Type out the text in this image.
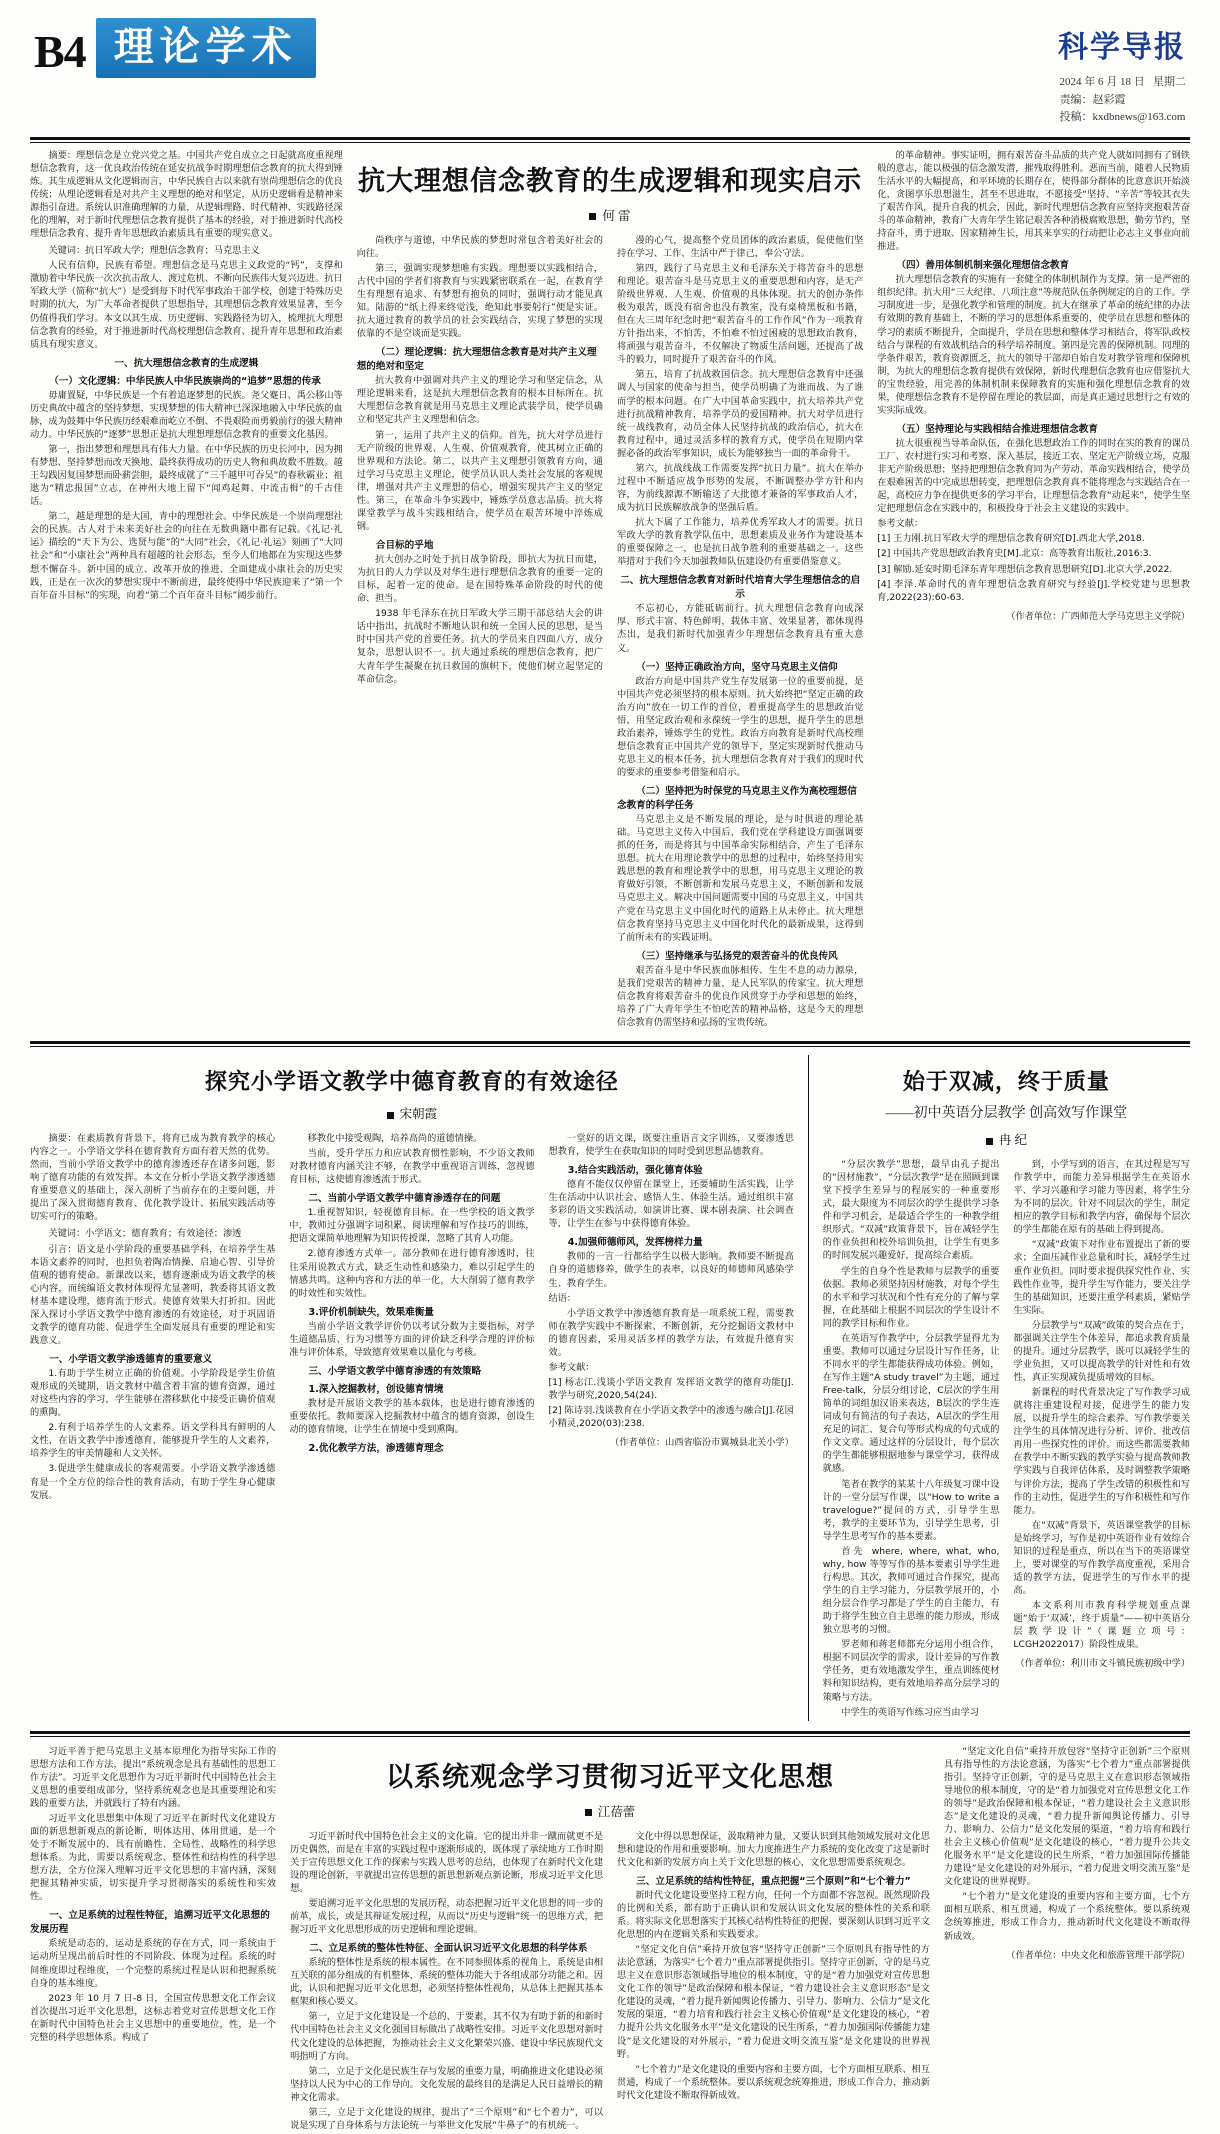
B4 理论学术	科学导报
2024 年 6 月 18 日 星期二
责编：赵彩霞
投稿：kxdbnews@163.com

摘要：理想信念是立党兴党之基。中国共产党自成立之日起就高度重视理想信念教育，这一优良政治传统在延安抗战争时期理想信念教育的抗大得到锤炼。其生成逻辑从文化逻辑而言，中华民族自古以来就有崇尚理想信念的优良传统；从理论逻辑看是对共产主义理想的绝对和坚定，从历史逻辑看是精神来源指引奋进。系统认识准确理解的力量，从逻辑理路、时代精神、实践路径深化的理解，对于新时代理想信念教育提供了基本的经验，对于推进新时代高校理想信念教育、提升青年思想政治素质具有重要的现实意义。

关键词：抗日军政大学；理想信念教育；马克思主义

人民有信仰，民族有希望。理想信念是马克思主义政党的“钙”，支撑和激励着中华民族一次次抗击敌人、渡过危机、不断向民族伟大复兴迈进。抗日军政大学（简称“抗大”）是受到每下时代军事政治干部学校，创建于特殊历史时期的抗大，为广大革命者提供了思想指导，其理想信念教育效果显著，至今仍值得我们学习。本文以其生成、历史逻辑、实践路径为切入，梳理抗大理想信念教育的经验，对于推进新时代高校理想信念教育、提升青年思想和政治素质具有现实意义。

一、抗大理想信念教育的生成逻辑
（一）文化逻辑：中华民族人中华民族崇尚的“追梦”思想的传承

毋庸置疑，中华民族是一个有着追逐梦想的民族。尧父蹇日、禹公移山等历史典故中蕴含的坚持梦想、实现梦想的伟大精神已深深地融入中华民族的血脉，成为鼓舞中华民族历经艰难而屹立不倒、不畏艰险而勇毅前行的强大精神动力。中华民族的“逐梦”思想正是抗大理想理想信念教育的重要文化基因。

第一，指出梦想和理想具有伟大力量。在中华民族的历史长河中，因为拥有梦想、坚持梦想而改天换地、最终获得成功的历史人物和典故数不胜数。越王勾践因复国梦想而卧薪尝胆，最终成就了“三千越甲可吞吴”的春秋霸业；祖逖为“精忠报国”立志，在神州大地上留下“闻鸡起舞、中流击楫”的千古佳话。

第二，越是理想的是大国，青中的理想社会。中华民族是一个崇尚理想社会的民族。古人对于未来美好社会的向往在无数典籍中都有记载。《礼记·礼运》描绘的“天下为公、选贤与能”的“大同”社会，《礼记·礼运》刻画了“大同社会”和“小康社会”两种具有超越的社会形态，至今人们地都在为实现这些梦想不懈奋斗。新中国的成立、改革开放的推进、全面建成小康社会的历史实践，正是在一次次的梦想实现中不断前进，最终使得中华民族迎来了“第一个百年奋斗目标”的实现，向着“第二个百年奋斗目标”阔步前行。

抗大理想信念教育的生成逻辑和现实启示
何 雷

尚秩序与道德，中华民族的梦想时常包含着美好社会的向往。

第三，强调实现梦想唯有实践。理想要以实践相结合，古代中国的学者们将教育与实践紧密联系在一起，在教育学生有理想有追求、有梦想有抱负的同时，强调行动才能见真知。陆游的“纸上得来终觉浅，绝知此事要躬行”便是实证。抗大通过教育的教学员的社会实践结合，实现了梦想的实现依靠的不是空谈而是实践。

（二）理论逻辑：抗大理想信念教育是对共产主义理想的绝对和坚定

抗大教育中强调对共产主义的理论学习和坚定信念，从理论逻辑来看，这是抗大理想信念教育的根本目标所在。抗大理想信念教育就是用马克思主义理论武装学员，使学员确立和坚定共产主义理想和信念。

第一，运用了共产主义的信仰。首先，抗大对学员进行无产阶级的世界观、人生观、价值观教育，使其树立正确的世界观和方法论。第二，以共产主义理想引领教育方向，通过学习马克思主义理论，使学员认识人类社会发展的客观规律，增强对共产主义理想的信心，增强实现共产主义的坚定性。第三，在革命斗争实践中，锤炼学员意志品质。抗大将课堂教学与战斗实践相结合，使学员在艰苦环境中淬炼成钢。

合目标的乎地

抗大创办之时处于抗日战争阶段，即抗大为抗日而建，为抗日的人力学以及对华生进行理想信念教育的重要一定的目标，起着一定的使命。是在国特殊革命阶段的时代的使命、担当。

1938 年毛泽东在抗日军政大学三期干部总结大会的讲话中指出，抗战时不断地认识和统一全国人民的思想，是当时中国共产党的首要任务。抗大的学员来自四面八方，成分复杂，思想认识不一。抗大通过系统的理想信念教育，把广大青年学生凝聚在抗日救国的旗帜下，使他们树立起坚定的革命信念。

漫的心气，提高整个党员团体的政治素质，促使他们坚持在学习、工作、生活中严于律己，奉公守法。

第四，践行了马克思主义和毛泽东关于将苦奋斗的思想和理论。艰苦奋斗是马克思主义的重要思想和内容，是无产阶级世界观、人生观、价值观的具体体现。抗大的创办条件极为艰苦，既没有宿舍也没有教室，没有桌椅黑板和书籍，但在大三周年纪念时把“艰苦奋斗的工作作风”作为一项教育方针指出来，不怕苦，不怕难不怕过困疲的思想政治教育，将顽强与艰苦奋斗，不仅解决了物质生活问题，还提高了战斗的毅力，同时提升了艰苦奋斗的作风。

第五，培育了抗战救国信念。抗大理想信念教育中还强调人与国家的使命与担当，使学员明确了为谁而战、为了谁而学的根本问题。在广大中国革命实践中，抗大培养共产党进行抗战精神教育，培养学员的爱国精神。抗大对学员进行统一战线教育，动员全体人民坚持抗战的政治信心，抗大在教育过程中，通过灵活多样的教育方式，使学员在短期内掌握必备的政治军事知识，成长为能够独当一面的革命骨干。

第六，抗战线战工作需要发挥“抗日力量”。抗大在举办过程中不断适应战争形势的发展，不断调整办学方针和内容，为前线源源不断输送了大批德才兼备的军事政治人才，成为抗日民族解放战争的坚强后盾。

抗大下属了工作能力，培养优秀军政人才的需要。抗日军政大学的教育教学队伍中，思想素质及业务作为建设基本的重要保障之一，也是抗日战争胜利的重要基础之一。这些举措对于我们今天加强教师队伍建设仍有重要借鉴意义。

二、抗大理想信念教育对新时代培育大学生理想信念的启示

不忘初心，方能砥砺前行。抗大理想信念教育向成深厚、形式丰富、特色鲜明，载体丰富、效果显著，都体现得杰出，是我们新时代加强青少年理想信念教育具有重大意义。

（一）坚持正确政治方向，坚守马克思主义信仰

政治方向是中国共产党生存发展第一位的重要前提，是中国共产党必须坚持的根本原则。抗大始终把“坚定正确的政治方向”放在一切工作的首位，着重提高学生的思想政治觉悟，用坚定政治观和永葆统一学生的思想，提升学生的思想政治素养，锤炼学生的党性。政治方向教育是新时代高校理想信念教育正中国共产党的领导下，坚定实现新时代推动马克思主义的根本任务，抗大理想信念教育对于我们的现时代的要求的重要参考借鉴和启示。

（二）坚持把为时保党的马克思主义作为高校理想信念教育的科学任务

马克思主义是不断发展的理论，是与时俱进的理论基础。马克思主义传入中国后，我们党在学科建设方面强调要抓的任务，而是将其与中国革命实际相结合，产生了毛泽东思想。抗大在用理论教学中的思想的过程中，始终坚持用实践思想的教育和理论教学中的思想，用马克思主义理论的教育做好引领，不断创新和发展马克思主义，不断创新和发展马克思主义。解决中国问题需要中国的马克思主义，中国共产党在马克思主义中国化时代的道路上从未停止。抗大理想信念教育坚持马克思主义中国化时代化的最新成果，这得到了前所未有的实践证明。

（三）坚持继承与弘扬党的艰苦奋斗的优良传风

艰苦奋斗是中华民族血脉相传、生生不息的动力源泉，是我们党艰苦的精神力量，是人民军队的传家宝。抗大理想信念教育将艰苦奋斗的优良作风贯穿于办学和思想的始终，培养了广大青年学生不怕吃苦的精神品格，这是今天的理想信念教育仍需坚持和弘扬的宝贵传统。

的革命精神。事实证明，拥有艰苦奋斗品质的共产党人就如同拥有了钢铁般的意志，能以极强的信念激发潜，摧残取得胜利。恶而当前，随着人民物质生活水平的大幅提高，和平环境的长期存在，使得部分群体的比意意识开始淡化，贪图享乐思想滋生，甚至不思进取，不愿接受“坚持、“辛苦”等较其衣失了艰苦作风，提升自我的机会，因此，新时代理想信念教育应坚持突抱艰苦奋斗的革命精神，教育广大青年学生铭记艰苦各种消极腐败思想，勤劳节约，坚持奋斗，勇于进取、因家精神生长，用其来享实的行动把让必志主义事业向前推进。

（四）善用体制机制来强化理想信念教育

抗大理想信念教育的实施有一套健全的体制机制作为支撑。第一是严密的组织纪律。抗大用“三大纪律、八项注意”等规范队伍条例规定的自的工作。学习制度进一步，是强化教学和管理的制度。抗大在继承了革命的统纪律的办法有效期的教育基础上，不断的学习的思想体系重要的，使学员在思想和整体的学习的素质不断提升，全面提升，学员在思想和整体学习相结合，将军队政校结合与课程的有效战机结合的科学培养制度。第四是完善的保障机制。同理的学条件艰苦，教育资源匮乏，抗大的领导干部却自始自发对教学管理和保障机制，为抗大的理想信念教育提供有效保障，新时代理想信念教育也应借鉴抗大的宝贵经验，用完善的体制机制来保障教育的实施和强化理想信念教育的效果，使理想信念教育不是停留在理论的教层面，而是真正通过思想行之有效的实实际成效。

（五）坚持理论与实践相结合推进理想信念教育

抗大很重视当导革命队伍，在强化思想政治工作的同时在实的教育的课员工厂、农村进行实习和考察、深入基层，接近工农、坚定无产阶级立场，克服非无产阶级思想；坚持把理想信念教育同为产劳动、革命实践相结合，使学员在艰难困苦的中完成思想转变，把理想信念教育真不能将理念与实践结合在一起，高校应力争在提供更多的学习平台，让理想信念教育“动起来”，使学生坚定把理想信念在实践中的，积极投身于社会主义建设的实践中。

参考文献：

[1] 王力刚.抗日军政大学的理想信念教育研究[D].西北大学,2018.

[2] 中国共产党思想政治教育史[M].北京：高等教育出版社,2016:3.

[3] 解励.延安时期毛泽东青年理想信念教育思想研究[D].北京大学,2022.

[4] 李泽.革命时代的青年理想信念教育研究与经验[J].学校党建与思想教育,2022(23):60-63.

（作者单位：广西师范大学马克思主义学院）
探究小学语文教学中德育教育的有效途径
宋朝霞

摘要：在素质教育背景下，将育已成为教育教学的核心内容之一。小学语文学科在德育教育方面有着天然的优势。然而，当前小学语文教学中的德育渗透还存在诸多问题，影响了德育功能的有效发挥。本文在分析小学语文教学渗透德育重要意义的基础上，深入剖析了当前存在的主要问题，并提出了深入贯彻德育教育、优化教学设计、拓展实践活动等切实可行的策略。

关键词：小学语文；德育教育；有效途径；渗透

引言：语文是小学阶段的重要基础学科，在培养学生基本语文素养的同时，也担负着陶冶情操、启迪心智、引导价值观的德育使命。新课改以来，德育逐渐成为语文教学的核心内容，而统编语文教材体现得尤显著明，教委将其语文教材基本建设理，德育流于形式。使德育效果大打折扣。因此深入探讨小学语文教学中德育渗透的有效途径，对于巩固语文教学的德育功能、促进学生全面发展具有重要的理论和实践意义。

一、小学语文教学渗透德育的重要意义

1.有助于学生树立正确的价值观。小学阶段是学生价值观形成的关键期，语文教材中蕴含着丰富的德育资源，通过对这些内容的学习，学生能够在潜移默化中接受正确价值观的熏陶。

2.有利于培养学生的人文素养。语文学科具有鲜明的人文性，在语文教学中渗透德育，能够提升学生的人文素养，培养学生的审美情趣和人文关怀。

3.促进学生健康成长的客观需要。小学语文教学渗透德育是一个全方位的综合性的教育活动，有助于学生身心健康发展。

移教化中接受观陶，培养高尚的道德情操。

当前，受升学压力和应试教育惯性影响，不少语文教师对教材德育内涵关注不够，在教学中重视语言训练，忽视德育目标，这使德育渗透流于形式。

二、当前小学语文教学中德育渗透存在的问题

1.重视智知识，轻视德育目标。在一些学校的语文教学中，教师过分强调字词积累、阅读理解和写作技巧的训练，把语文课简单地理解为知识传授课，忽略了其育人功能。

2.德育渗透方式单一。部分教师在进行德育渗透时，往往采用说教式方式，缺乏生动性和感染力，难以引起学生的情感共鸣。这种内容和方法的单一化，大大削弱了德育教学的时效性和实效性。

3.评价机制缺失，效果难衡量

当前小学语文教学评价仍以考试分数为主要指标，对学生道德品质、行为习惯等方面的评价缺乏科学合理的评价标准与评价体系，导致德育效果难以量化与考核。

三、小学语文教学中德育渗透的有效策略
1.深入挖掘教材，创设德育情境

教材是开展语文教学的基本载体，也是进行德育渗透的重要依托。教师要深入挖掘教材中蕴含的德育资源，创设生动的德育情境，让学生在情境中受到熏陶。

2.优化教学方法，渗透德育理念

一堂好的语文课，既要注重语言文字训练，又要渗透思想教育，使学生在获取知识的同时受到思想品德教育。

3.结合实践活动，强化德育体验

德育不能仅仅停留在课堂上，还要辅助生活实践，让学生在活动中认识社会、感悟人生、体验生活。通过组织丰富多彩的语文实践活动，如演讲比赛、课本剧表演、社会调查等，让学生在参与中获得德育体验。

4.加强师德师风，发挥榜样力量

教师的一言一行都给学生以极大影响。教师要不断提高自身的道德修养，做学生的表率，以良好的师德师风感染学生、教育学生。

结语：

小学语文教学中渗透德育教育是一项系统工程，需要教师在教学实践中不断探索、不断创新，充分挖掘语文教材中的德育因素，采用灵活多样的教学方法，有效提升德育实效。

参考文献：

[1] 杨志江.浅谈小学语文教育 发挥语文教学的德育功能[J].教学与研究,2020,54(24).

[2] 陈诗羽.浅谈教育在小学语文教学中的渗透与融合[J].花园小精灵,2020(03):238.

（作者单位：山西省临汾市翼城县北关小学）
始于双减，终于质量
——初中英语分层教学 创高效写作课堂
冉 纪

“分层次教学”思想，最早由孔子提出的“因材施教”，“分层次教学”是在照顾到课堂下授学生差异与的程展实的一种重要形式，最大限度为不同层次的学生提供学习条件和学习机会，是最适合学生的一种教学组织形式。“双减”政策背景下，旨在减轻学生的作业负担和校外培训负担，让学生有更多的时间发展兴趣爱好，提高综合素质。

学生的自身个性是教师与层教学的重要依据。教师必须坚持因材施教，对每个学生的水平和学习状况和个性有充分的了解与掌握，在此基础上根据不同层次的学生设计不同的教学目标和作业。

在英语写作教学中，分层教学显得尤为重要。教师可以通过分层设计写作任务，让不同水平的学生都能获得成功体验。例如，在写作主题“A study travel”为主题，通过 Free-talk，分层分组讨论，C层次的学生用简单的词组加汉语来表达，B层次的学生连词成句有简洁的句子表达，A层次的学生用充足的词汇、复合句等形式构成的句式成的作文文章。通过这样的分层设计，每个层次的学生都能够根据地参与课堂学习，获得成就感。

笔者在教学的某某十八年级复习课中设计的一堂分层写作课，以“How to write a travelogue?”提问的方式，引导学生思考，教学的主要环节为，引导学生思考，引导学生思考写作的基本要素。

首先 where, where, what, who, why, how 等等写作的基本要素引导学生进行构思。其次，教师可通过合作探究，提高学生的自主学习能力，分层教学展开的，小组分层合作学习都是了学生的自主能力，有助于将学生独立自主思维的能力形成，形成独立思考的习惯。

罗老师和蒋老师都充分运用小组合作，根据不同层次学的需求，设计差异的写作教学任务，更有效地激发学生，重点训练使材料和知识结构，更有效地培养高分层学习的策略与方法。

中学生的英语写作练习应当由学习

到，小学写到的语言，在其过程是写写作教学中，而能力差异根据学生在英语水平、学习兴趣和学习能力等因素，将学生分为不同的层次。针对不同层次的学生，制定相应的教学目标和教学内容，确保每个层次的学生都能在原有的基础上得到提高。

“双减”政策下对作业布置提出了新的要求；全面压减作业总量和时长，减轻学生过重作业负担。同时要求提供探究性作业、实践性作业等，提升学生写作能力，要关注学生的基础知识，还要注重学科素质，紧贴学生实际。

分层教学与“双减”政策的契合点在于，都强调关注学生个体差异，都追求教育质量的提升。通过分层教学，既可以减轻学生的学业负担，又可以提高教学的针对性和有效性，真正实现减负提质增效的目标。

新课程的时代背景决定了写作教学习成就将注重建设程对接，促进学生的能力发展，以提升学生的综合素养。写作教学要关注学生的具体情况进行分析、评价、批改信再用一些探究性的评价。而这些都需要教师在教学中不断实践的教学实验与提高教师教学实践与自我评估体系，及时调整教学策略与评价方法，提高了学生改错的积极性和写作的主动性，促进学生的写作积极性和写作能力。

在“双减”背景下，英语课堂教学的目标是始终学习，写作是初中英语作业有效综合知识的过程是重点，所以在当下的英语课堂上，要对课堂的写作教学高度重视，采用合适的教学方法，促进学生的写作水平的提高。

本文系利川市教育科学规划重点课题“始于‘双减’，终于质量”——初中英语分层教学设计”（课题立项号：LCGH2022017）阶段性成果。

（作者单位：利川市文斗镇民族初级中学）

习近平善于把马克思主义基本原理化为指导实际工作的思想方法和工作方法，提出“系统观念是具有基础性的思想工作方法”。习近平文化思想作为习近平新时代中国特色社会主义思想的重要组成部分，坚持系统观念也是其重要理论和实践的重要方法，并就践行了特有内涵。

习近平文化思想集中体现了习近平在新时代文化建设方面的新思想新观点的新论断，明体达用、体用贯通，是一个处于不断发展中的、具有前瞻性、全局性、战略性的科学思想体系。为此，需要以系统观念、整体性和结构性的科学思想方法，全方位深入理解习近平文化思想的丰富内涵，深刻把握其精神实质，切实提升学习贯彻落实的系统性和实效性。

一、立足系统的过程性特征，追溯习近平文化思想的发展历程

系统是动态的，运动是系统的存在方式，同一系统由于运动所呈现出前后时性的不同阶段、体现为过程。系统的时间维度即过程维度，一个完整的系统过程是认识和把握系统自身的基本维度。

2023 年 10 月 7 日-8 日，全国宣传思想文化工作会议首次提出习近平文化思想，这标志着党对宣传思想文化工作在新时代中国特色社会主义思想中的重要地位，性，是一个完整的科学思想体系。构成了

以系统观念学习贯彻习近平文化思想
江蓓蕾

习近平新时代中国特色社会主义的文化篇。它的提出并非一蹴而就更不是历史偶然，而是在丰富的实践过程中逐渐形成的，既体现了承续地方工作时期关于宣传思想文化工作的探索与实践人思考的总结，也体现了在新时代文化建设的理论创新，平就提出宣传思想的新思想新观点新论断，形成习近平文化思想。

要追溯习近平文化思想的发展历程，动态把握习近平文化思想的同一步的前革，成长，或是其辩证发展过程，从而以“历史与逻辑”统一的思维方式，把握习近平文化思想形成的历史逻辑和理论逻辑。

二、立足系统的整体性特征、全面认识习近平文化思想的科学体系

系统的整体性是系统的根本属性。在不同参照体系的视角上，系统是由相互关联的部分组成的有机整体，系统的整体功能大于各组成部分功能之和。因此，认识和把握习近平文化思想，必须坚持整体性视角，从总体上把握其基本框架和核心要义。

第一，立足于文化建设是一个总的、于要素，其不仅为有助于新的和新时代中国特色社会主义文化强国目标做出了战略性安排。习近平文化思想对新时代文化建设的总体把握，为推动社会主义文化繁荣兴盛、建设中华民族现代文明指明了方向。

第二，立足于文化是民族生存与发展的重要力量，明确推进文化建设必须坚持以人民为中心的工作导向。文化发展的最终目的是满足人民日益增长的精神文化需求。

第三，立足于文化建设的规律，提出了“三个原则”和“七个着力”，可以说是实现了自身体系与方法论统一与举世文化发展“牛鼻子”的有机统一。

文化中得以思想保证，汲取精神力量，又要认识到其他领域发展对文化思想和建设的作用和重要影响。加大力度推进生产力系统的变化改变了这是新时代文化和新的发展方向上关于文化思想的核心，文化思想需要系统观念。

三、立足系统的结构性特征，重点把握“三个原则”和“七个着力”

新时代文化建设要坚持工程方向，任何一个方面都不容忽视。既然现阶段的比例和关系，都有助于正确认识和发展认识文化发展的整体性的关系和联系。将实际文化思想落实于其核心结构性特征的把握，要深刻认识到习近平文化思想的内在逻辑关系和实践要求。

“坚定文化自信”乘持开放包容“坚持守正创新”三个原则具有指导性的方法论意涵，为落实“七个着力”重点部署提供指引。坚持守正创新，守的是马克思主义在意识形态领域指导地位的根本制度，守的是“着力加强党对宣传思想文化工作的领导”是政治保障和根本保证，“着力建设社会主义意识形态”是文化建设的灵魂，“着力提升新闻舆论传播力、引导力、影响力、公信力”是文化发展的渠道，“着力培育和践行社会主义核心价值观”是文化建设的核心，“着力提升公共文化服务水平”是文化建设的民生所系，“着力加强国际传播能力建设”是文化建设的对外展示，“着力促进文明交流互鉴”是文化建设的世界视野。

“七个着力”是文化建设的重要内容和主要方面，七个方面相互联系、相互贯通，构成了一个系统整体。要以系统观念统筹推进，形成工作合力，推动新时代文化建设不断取得新成效。

“坚定文化自信”乘持开放包容“坚持守正创新”三个原则具有指导性的方法论意涵，为落实“七个着力”重点部署提供指引。坚持守正创新，守的是马克思主义在意识形态领域指导地位的根本制度，守的是“着力加强党对宣传思想文化工作的领导”是政治保障和根本保证，“着力建设社会主义意识形态”是文化建设的灵魂，“着力提升新闻舆论传播力、引导力、影响力、公信力”是文化发展的渠道，“着力培育和践行社会主义核心价值观”是文化建设的核心，“着力提升公共文化服务水平”是文化建设的民生所系，“着力加强国际传播能力建设”是文化建设的对外展示，“着力促进文明交流互鉴”是文化建设的世界视野。

“七个着力”是文化建设的重要内容和主要方面，七个方面相互联系、相互贯通，构成了一个系统整体。要以系统观念统筹推进，形成工作合力，推动新时代文化建设不断取得新成效。

（作者单位：中央文化和旅游管理干部学院）
